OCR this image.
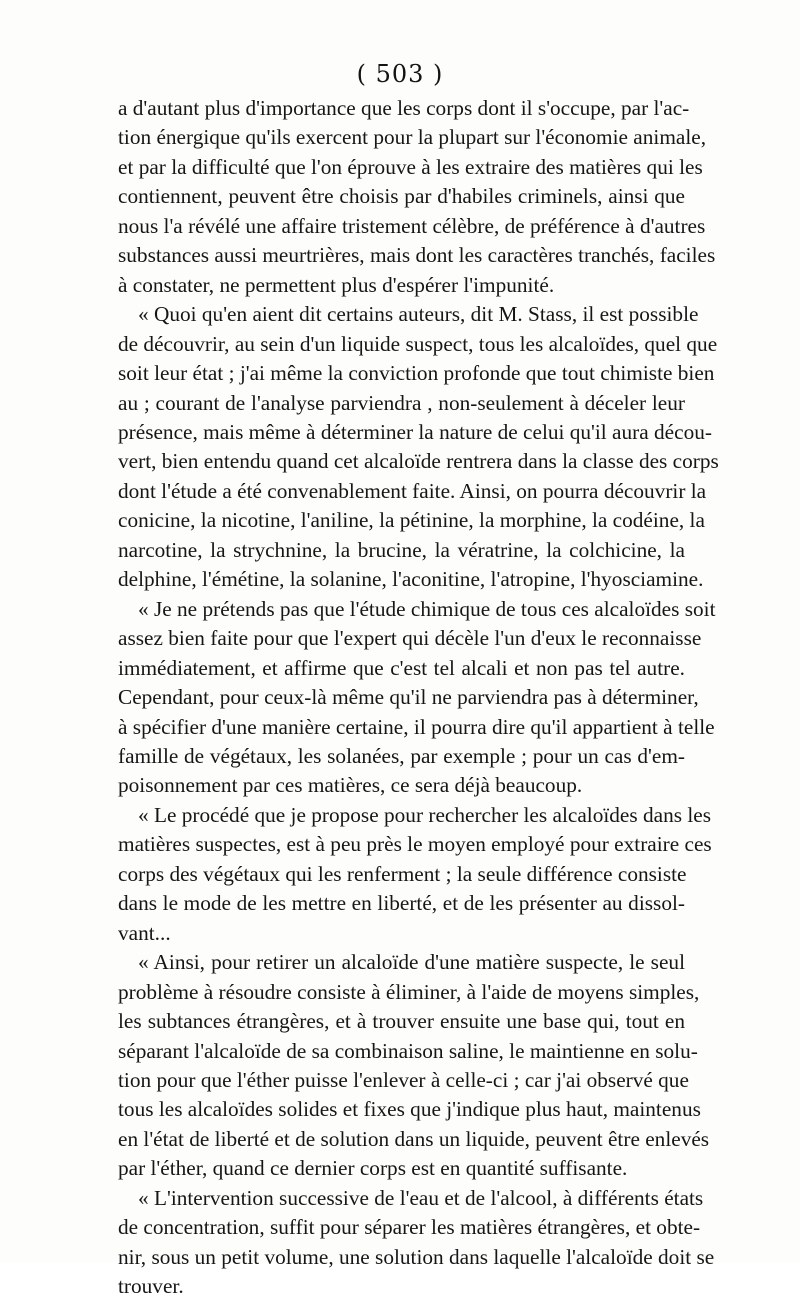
( 503 )

a d'autant plus d'importance que les corps dont il s'occupe, par l'ac-
tion énergique qu'ils exercent pour la plupart sur l'économie animale,
et par la difficulté que l'on éprouve à les extraire des matières qui les
contiennent, peuvent être choisis par d'habiles criminels, ainsi que
nous l'a révélé une affaire tristement célèbre, de préférence à d'autres
substances aussi meurtrières, mais dont les caractères tranchés, faciles
à constater, ne permettent plus d'espérer l'impunité.

« Quoi qu'en aient dit certains auteurs, dit M. Stass, il est possible
de découvrir, au sein d'un liquide suspect, tous les alcaloïdes, quel que
soit leur état ; j'ai même la conviction profonde que tout chimiste bien
au ; courant de l'analyse parviendra , non-seulement à déceler leur
présence, mais même à déterminer la nature de celui qu'il aura décou-
vert, bien entendu quand cet alcaloïde rentrera dans la classe des corps
dont l'étude a été convenablement faite. Ainsi, on pourra découvrir la
conicine, la nicotine, l'aniline, la pétinine, la morphine, la codéine, la
narcotine, la strychnine, la brucine, la vératrine, la colchicine, la
delphine, l'émétine, la solanine, l'aconitine, l'atropine, l'hyosciamine.

« Je ne prétends pas que l'étude chimique de tous ces alcaloïdes soit
assez bien faite pour que l'expert qui décèle l'un d'eux le reconnaisse
immédiatement, et affirme que c'est tel alcali et non pas tel autre.
Cependant, pour ceux-là même qu'il ne parviendra pas à déterminer,
à spécifier d'une manière certaine, il pourra dire qu'il appartient à telle
famille de végétaux, les solanées, par exemple ; pour un cas d'em-
poisonnement par ces matières, ce sera déjà beaucoup.

« Le procédé que je propose pour rechercher les alcaloïdes dans les
matières suspectes, est à peu près le moyen employé pour extraire ces
corps des végétaux qui les renferment ; la seule différence consiste
dans le mode de les mettre en liberté, et de les présenter au dissol-
vant...

« Ainsi, pour retirer un alcaloïde d'une matière suspecte, le seul
problème à résoudre consiste à éliminer, à l'aide de moyens simples,
les subtances étrangères, et à trouver ensuite une base qui, tout en
séparant l'alcaloïde de sa combinaison saline, le maintienne en solu-
tion pour que l'éther puisse l'enlever à celle-ci ; car j'ai observé que
tous les alcaloïdes solides et fixes que j'indique plus haut, maintenus
en l'état de liberté et de solution dans un liquide, peuvent être enlevés
par l'éther, quand ce dernier corps est en quantité suffisante.

« L'intervention successive de l'eau et de l'alcool, à différents états
de concentration, suffit pour séparer les matières étrangères, et obte-
nir, sous un petit volume, une solution dans laquelle l'alcaloïde doit se
trouver.
